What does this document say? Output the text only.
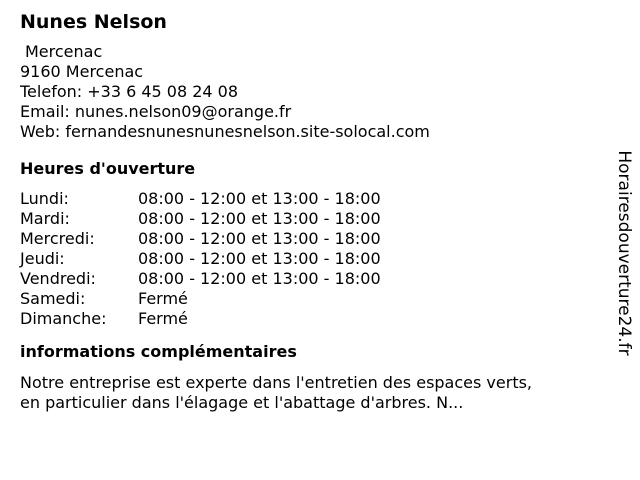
Nunes Nelson
Mercenac
9160 Mercenac
Telefon: +33 6 45 08 24 08
Email: nunes.nelson09@orange.fr
Web: fernandesnunesnunesnelson.site-solocal.com
Heures d'ouverture
Lundi:	08:00 - 12:00 et 13:00 - 18:00
Mardi:	08:00 - 12:00 et 13:00 - 18:00
Mercredi:	08:00 - 12:00 et 13:00 - 18:00
Jeudi:	08:00 - 12:00 et 13:00 - 18:00
Vendredi:	08:00 - 12:00 et 13:00 - 18:00
Samedi:	Fermé
Dimanche:	Fermé
informations complémentaires
Notre entreprise est experte dans l'entretien des espaces verts,
en particulier dans l'élagage et l'abattage d'arbres. N...
Horairesdouverture24.fr
